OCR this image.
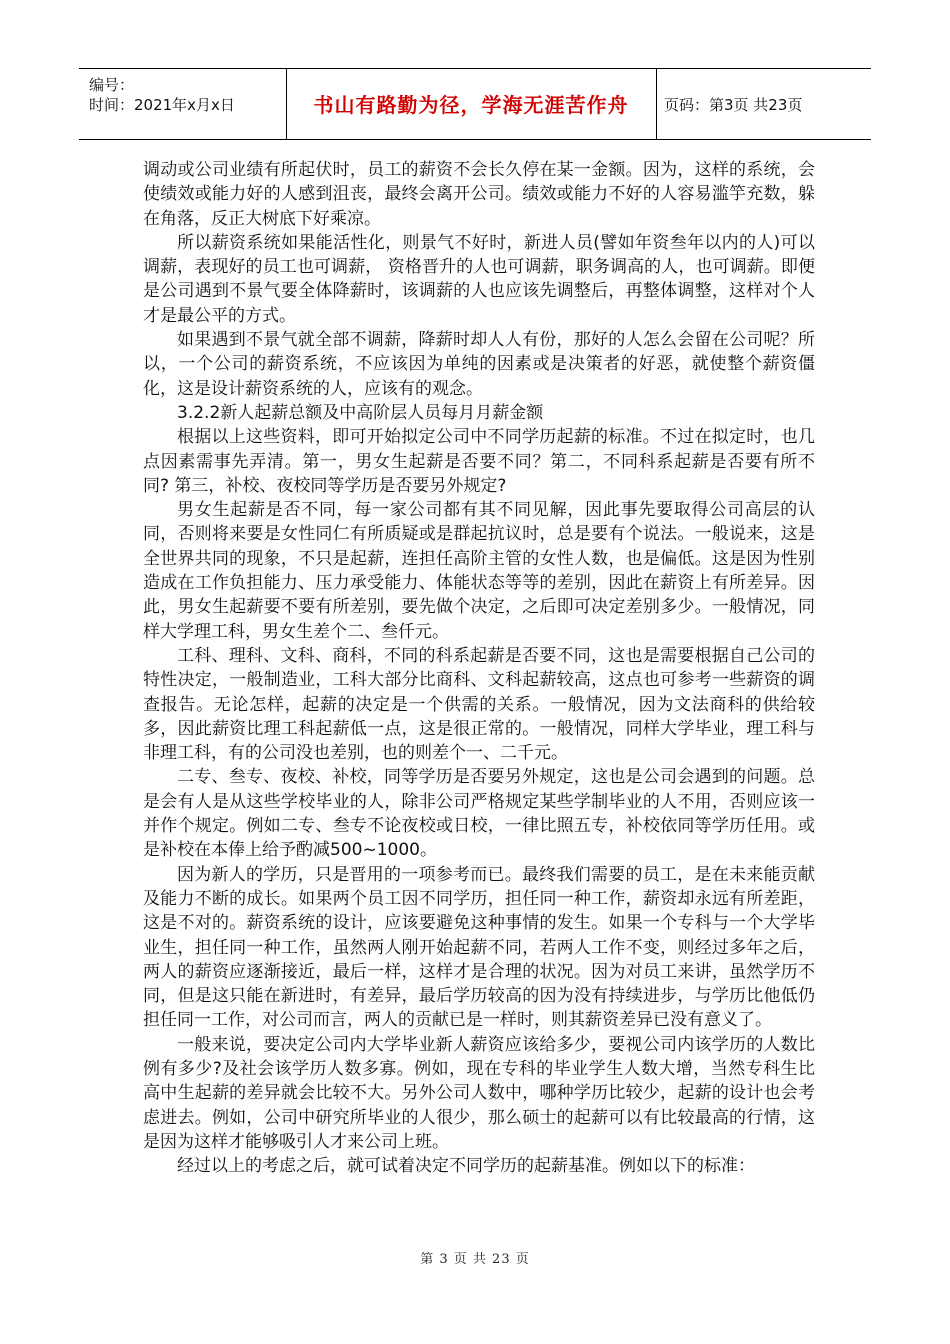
编号：
时间：2021年x月x日	书山有路勤为径，学海无涯苦作舟	页码：第3页 共23页

调动或公司业绩有所起伏时，员工的薪资不会长久停在某一金额。因为，这样的系统，会使绩效或能力好的人感到沮丧，最终会离开公司。绩效或能力不好的人容易滥竽充数，躲在角落，反正大树底下好乘凉。

所以薪资系统如果能活性化，则景气不好时，新进人员(譬如年资叁年以内的人)可以调薪，表现好的员工也可调薪， 资格晋升的人也可调薪，职务调高的人，也可调薪。即便是公司遇到不景气要全体降薪时，该调薪的人也应该先调整后，再整体调整，这样对个人才是最公平的方式。

如果遇到不景气就全部不调薪，降薪时却人人有份，那好的人怎么会留在公司呢？所以，一个公司的薪资系统，不应该因为单纯的因素或是决策者的好恶，就使整个薪资僵化，这是设计薪资系统的人，应该有的观念。

3.2.2新人起薪总额及中高阶层人员每月月薪金额

根据以上这些资料，即可开始拟定公司中不同学历起薪的标准。不过在拟定时，也几点因素需事先弄清。第一，男女生起薪是否要不同？第二，不同科系起薪是否要有所不同? 第三，补校、夜校同等学历是否要另外规定?

男女生起薪是否不同，每一家公司都有其不同见解，因此事先要取得公司高层的认同，否则将来要是女性同仁有所质疑或是群起抗议时，总是要有个说法。一般说来，这是全世界共同的现象，不只是起薪，连担任高阶主管的女性人数，也是偏低。这是因为性别造成在工作负担能力、压力承受能力、体能状态等等的差别，因此在薪资上有所差异。因此，男女生起薪要不要有所差别，要先做个决定，之后即可决定差别多少。一般情况，同样大学理工科，男女生差个二、叁仟元。

工科、理科、文科、商科，不同的科系起薪是否要不同，这也是需要根据自己公司的特性决定，一般制造业，工科大部分比商科、文科起薪较高，这点也可参考一些薪资的调查报告。无论怎样，起薪的决定是一个供需的关系。一般情况，因为文法商科的供给较多，因此薪资比理工科起薪低一点，这是很正常的。一般情况，同样大学毕业，理工科与非理工科，有的公司没也差别，也的则差个一、二千元。

二专、叁专、夜校、补校，同等学历是否要另外规定，这也是公司会遇到的问题。总是会有人是从这些学校毕业的人，除非公司严格规定某些学制毕业的人不用，否则应该一并作个规定。例如二专、叁专不论夜校或日校，一律比照五专，补校依同等学历任用。或是补校在本俸上给予酌减500~1000。

因为新人的学历，只是晋用的一项参考而已。最终我们需要的员工，是在未来能贡献及能力不断的成长。如果两个员工因不同学历，担任同一种工作，薪资却永远有所差距，这是不对的。薪资系统的设计，应该要避免这种事情的发生。如果一个专科与一个大学毕业生，担任同一种工作，虽然两人刚开始起薪不同，若两人工作不变，则经过多年之后，两人的薪资应逐渐接近，最后一样，这样才是合理的状况。因为对员工来讲，虽然学历不同，但是这只能在新进时，有差异，最后学历较高的因为没有持续进步，与学历比他低仍担任同一工作，对公司而言，两人的贡献已是一样时，则其薪资差异已没有意义了。

一般来说，要决定公司内大学毕业新人薪资应该给多少，要视公司内该学历的人数比例有多少?及社会该学历人数多寡。例如，现在专科的毕业学生人数大增，当然专科生比高中生起薪的差异就会比较不大。另外公司人数中，哪种学历比较少，起薪的设计也会考虑进去。例如，公司中研究所毕业的人很少，那么硕士的起薪可以有比较最高的行情，这是因为这样才能够吸引人才来公司上班。

经过以上的考虑之后，就可试着决定不同学历的起薪基准。例如以下的标准：

第 3 页 共 23 页
